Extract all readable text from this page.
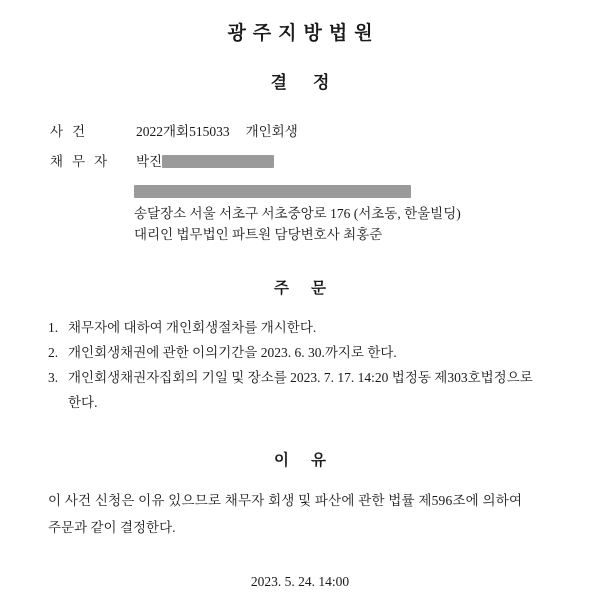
광주지방법원
결정
사건	2022개회515033 개인회생
채무자	박진
송달장소 서울 서초구 서초중앙로 176 (서초동, 한울빌딩)
대리인 법무법인 파트원 담당변호사 최홍준
주문
1. 채무자에 대하여 개인회생절차를 개시한다.
2. 개인회생채권에 관한 이의기간을 2023. 6. 30.까지로 한다.
3. 개인회생채권자집회의 기일 및 장소를 2023. 7. 17. 14:20 법정동 제303호법정으로
한다.
이유
이 사건 신청은 이유 있으므로 채무자 회생 및 파산에 관한 법률 제596조에 의하여
주문과 같이 결정한다.
2023. 5. 24. 14:00
